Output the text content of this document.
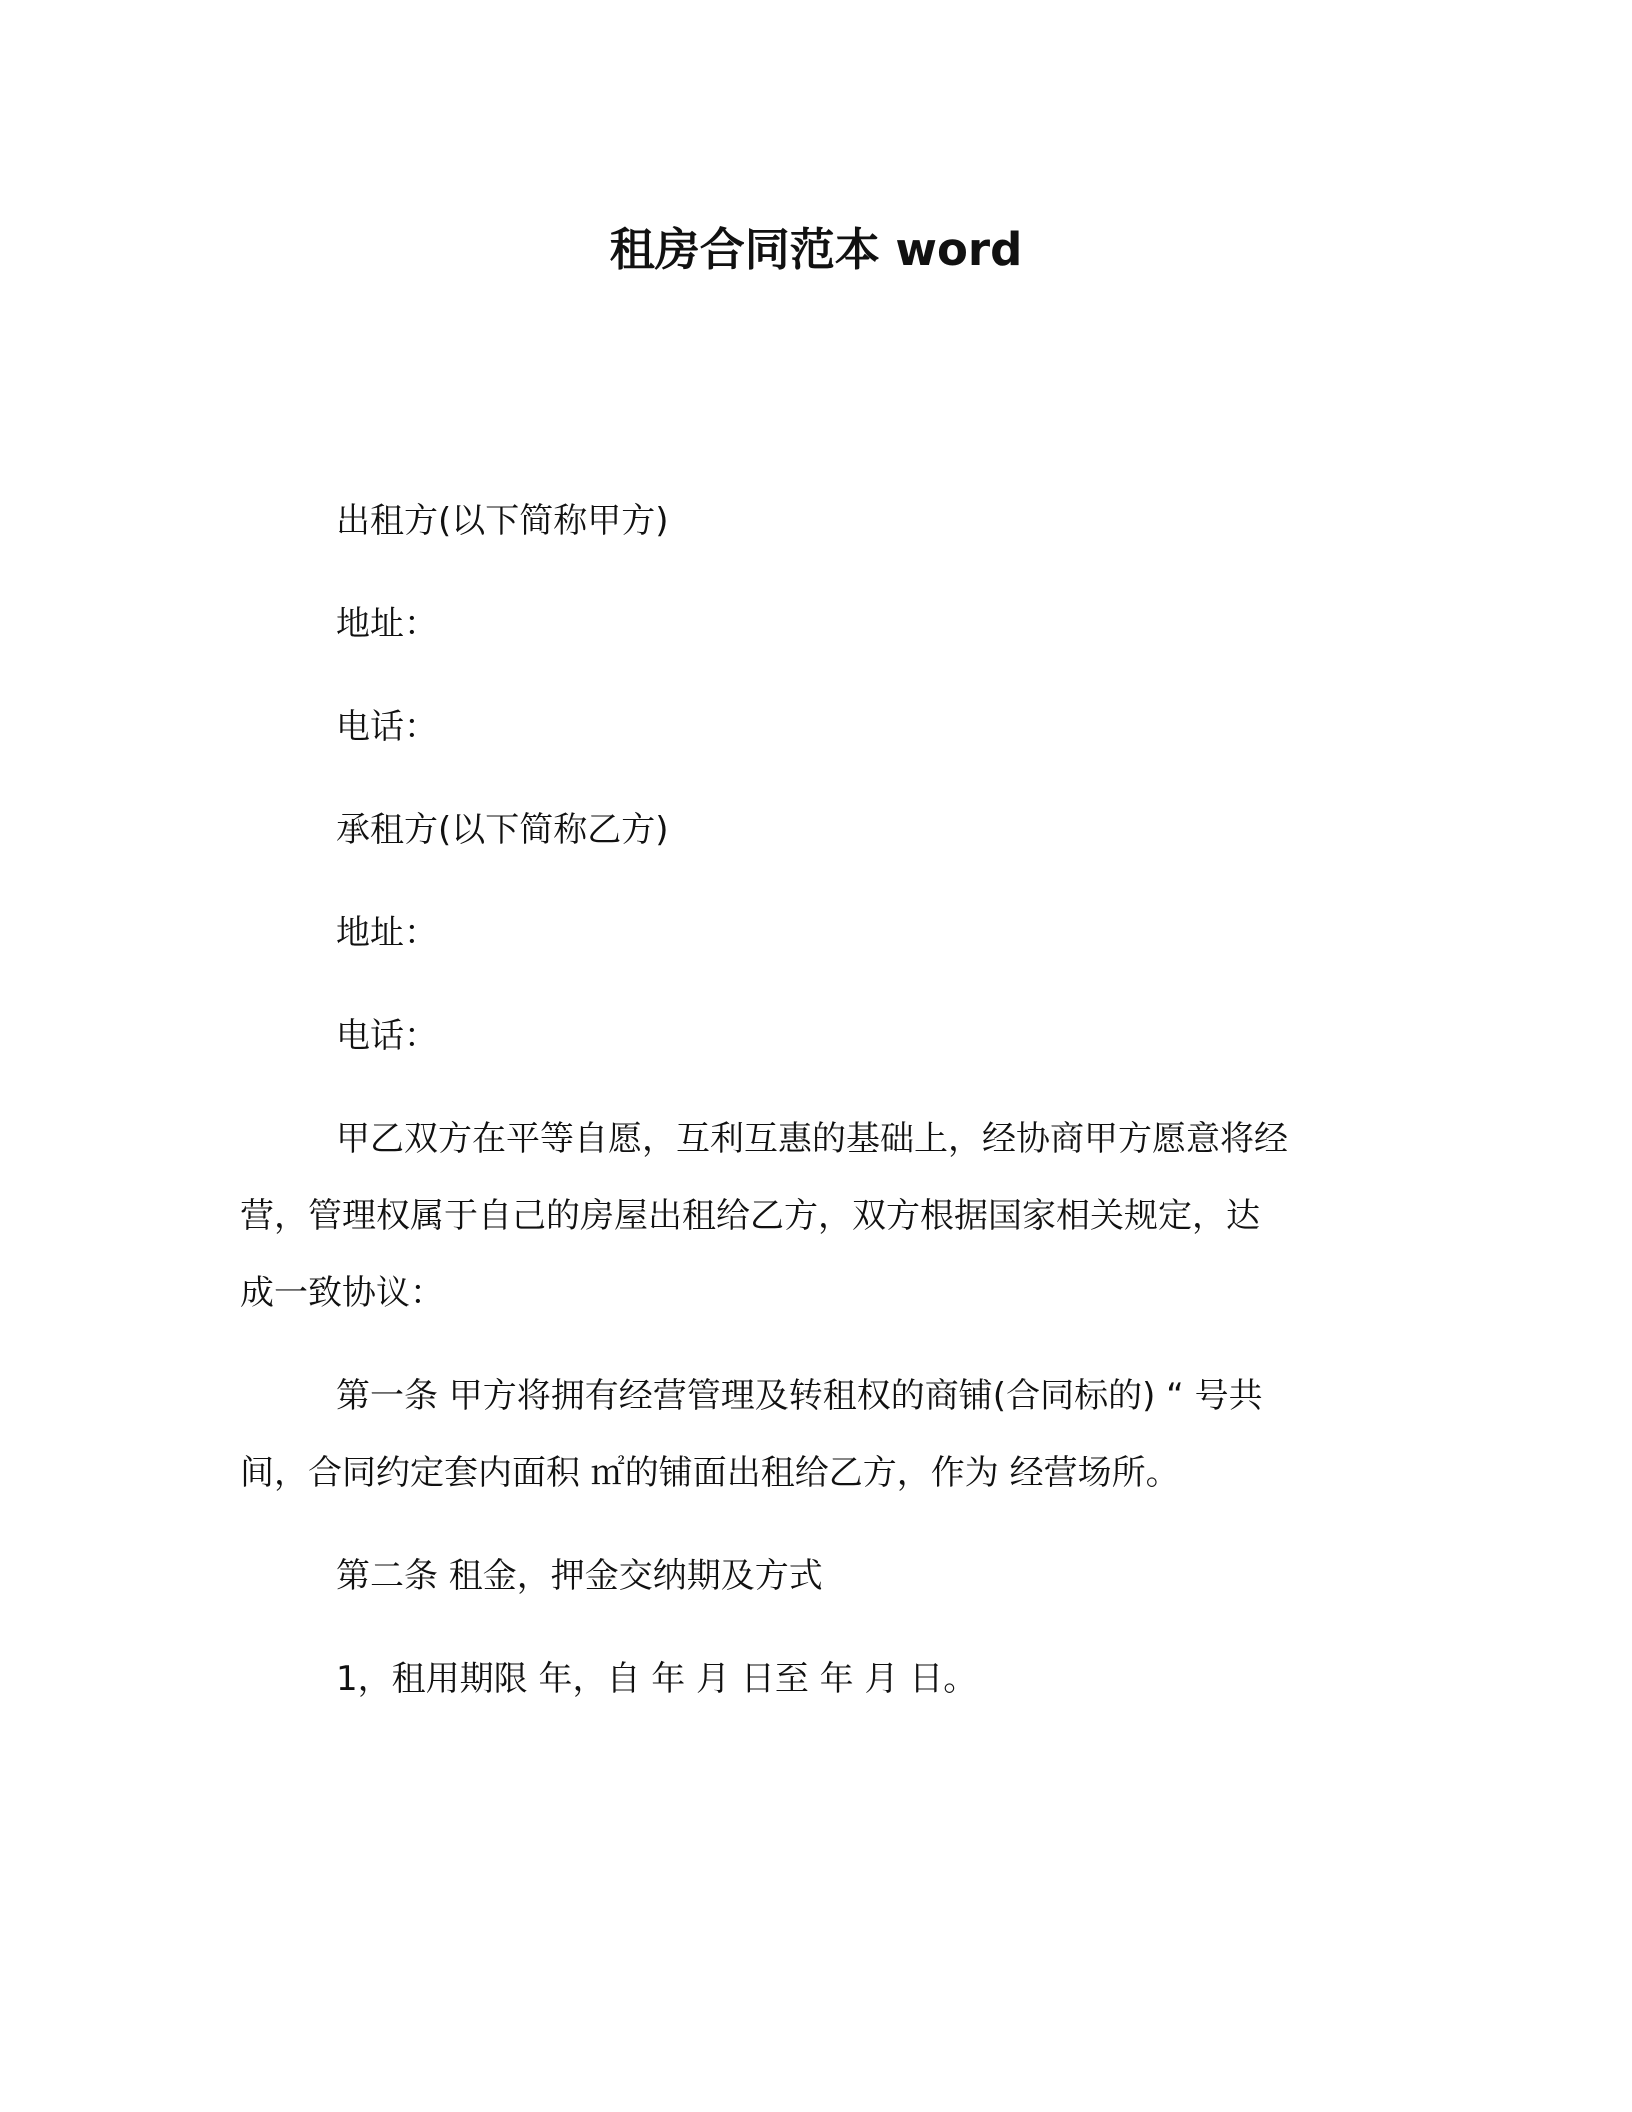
租房合同范本 word
出租方(以下简称甲方)
地址：
电话：
承租方(以下简称乙方)
地址：
电话：
甲乙双方在平等自愿，互利互惠的基础上，经协商甲方愿意将经
营，管理权属于自己的房屋出租给乙方，双方根据国家相关规定，达
成一致协议：
第一条 甲方将拥有经营管理及转租权的商铺(合同标的) “ 号共
间，合同约定套内面积 ㎡的铺面出租给乙方，作为 经营场所。
第二条 租金，押金交纳期及方式
1，租用期限 年，自 年 月 日至 年 月 日。
